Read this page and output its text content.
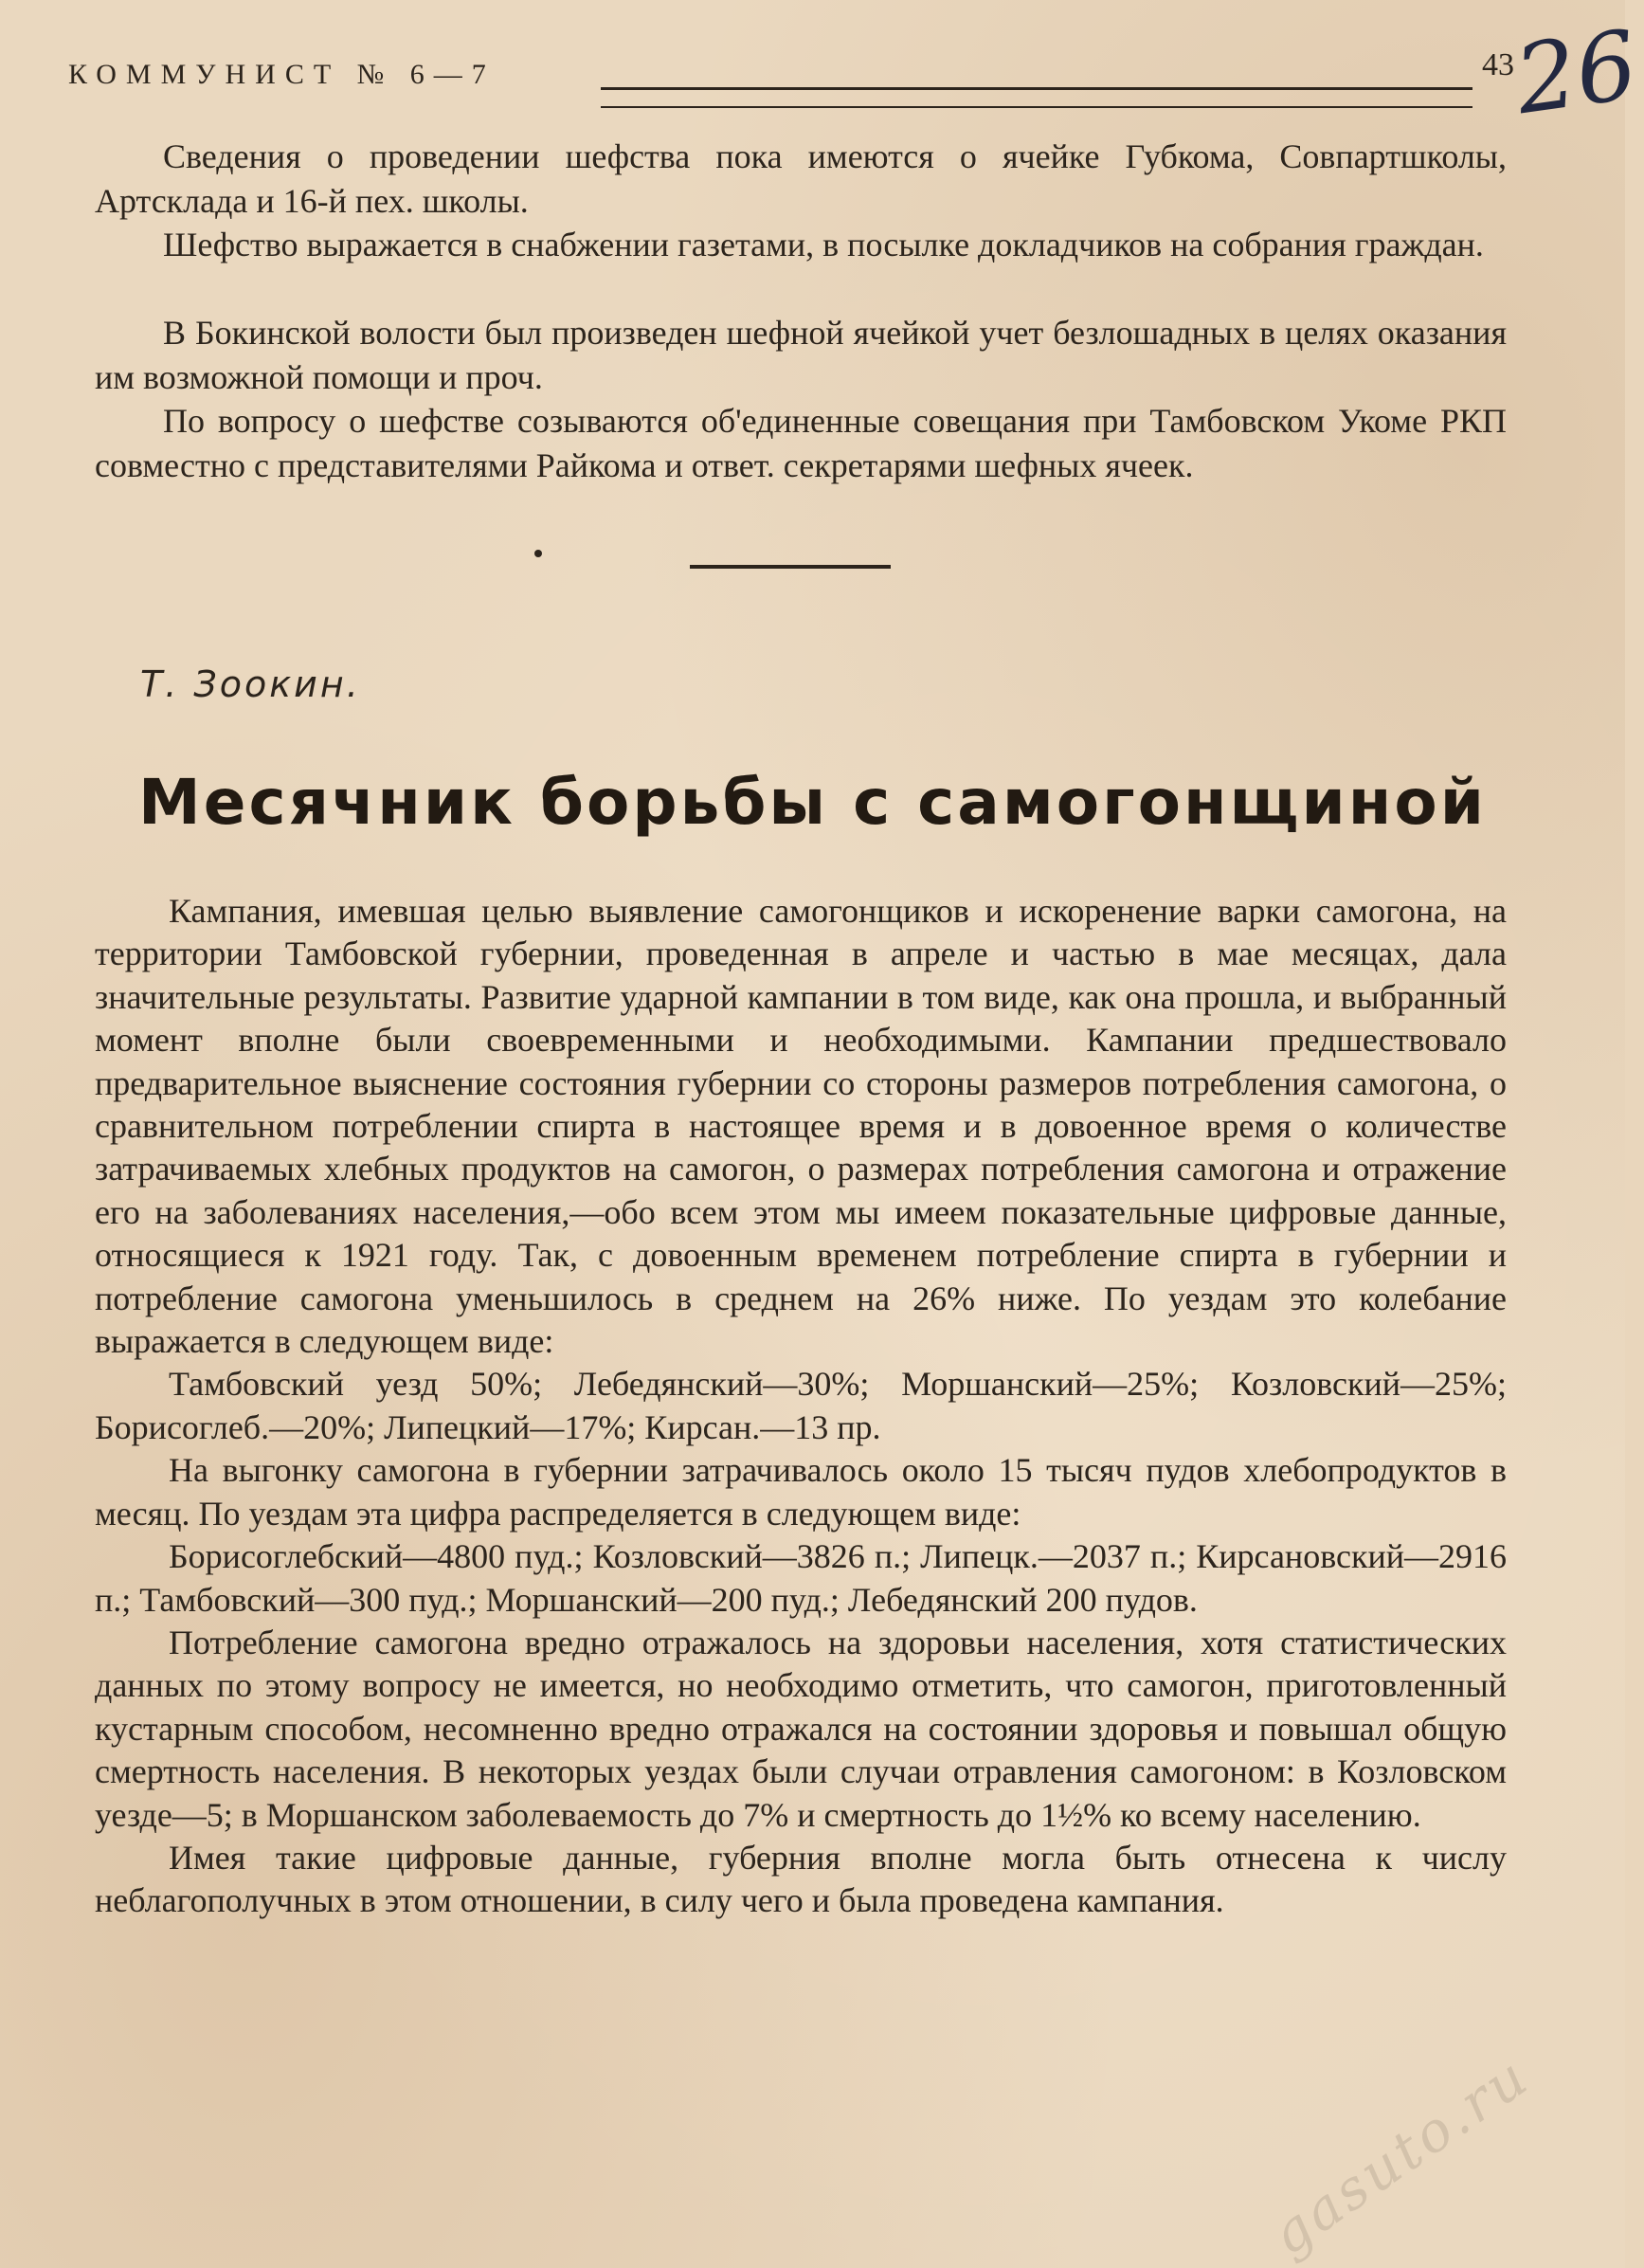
КОММУНИСТ № 6—7	43
26

Сведения о проведении шефства пока имеются о ячейке Губкома, Совпартшколы, Артсклада и 16-й пех. школы.

Шефство выражается в снабжении газетами, в посылке докладчиков на собрания граждан.

В Бокинской волости был произведен шефной ячейкой учет безлошадных в целях оказания им возможной помощи и проч.

По вопросу о шефстве созываются об'единенные совещания при Тамбовском Укоме РКП совместно с представителями Райкома и ответ. секретарями шефных ячеек.

Т. Зоокин.
Месячник борьбы с самогонщиной

Кампания, имевшая целью выявление самогонщиков и искоренение варки самогона, на территории Тамбовской губернии, проведенная в апреле и частью в мае месяцах, дала значительные результаты. Развитие ударной кампании в том виде, как она прошла, и выбранный момент вполне были своевременными и необходимыми. Кампании предшествовало предварительное выяснение состояния губернии со стороны размеров потребления самогона, о сравнительном потреблении спирта в настоящее время и в довоенное время о количестве затрачиваемых хлебных продуктов на самогон, о размерах потребления самогона и отражение его на заболеваниях населения,—обо всем этом мы имеем показательные цифровые данные, относящиеся к 1921 году. Так, с довоенным временем потребление спирта в губернии и потребление самогона уменьшилось в среднем на 26% ниже. По уездам это колебание выражается в следующем виде:

Тамбовский уезд 50%; Лебедянский—30%; Моршанский—25%; Козловский—25%; Борисоглеб.—20%; Липецкий—17%; Кирсан.—13 пр.

На выгонку самогона в губернии затрачивалось около 15 тысяч пудов хлебопродуктов в месяц. По уездам эта цифра распределяется в следующем виде:

Борисоглебский—4800 пуд.; Козловский—3826 п.; Липецк.—2037 п.; Кирсановский—2916 п.; Тамбовский—300 пуд.; Моршанский—200 пуд.; Лебедянский 200 пудов.

Потребление самогона вредно отражалось на здоровьи населения, хотя статистических данных по этому вопросу не имеется, но необходимо отметить, что самогон, приготовленный кустарным способом, несомненно вредно отражался на состоянии здоровья и повышал общую смертность населения. В некоторых уездах были случаи отравления самогоном: в Козловском уезде—5; в Моршанском заболеваемость до 7% и смертность до 1½% ко всему населению.

Имея такие цифровые данные, губерния вполне могла быть отнесена к числу неблагополучных в этом отношении, в силу чего и была проведена кампания.

gasuto.ru
